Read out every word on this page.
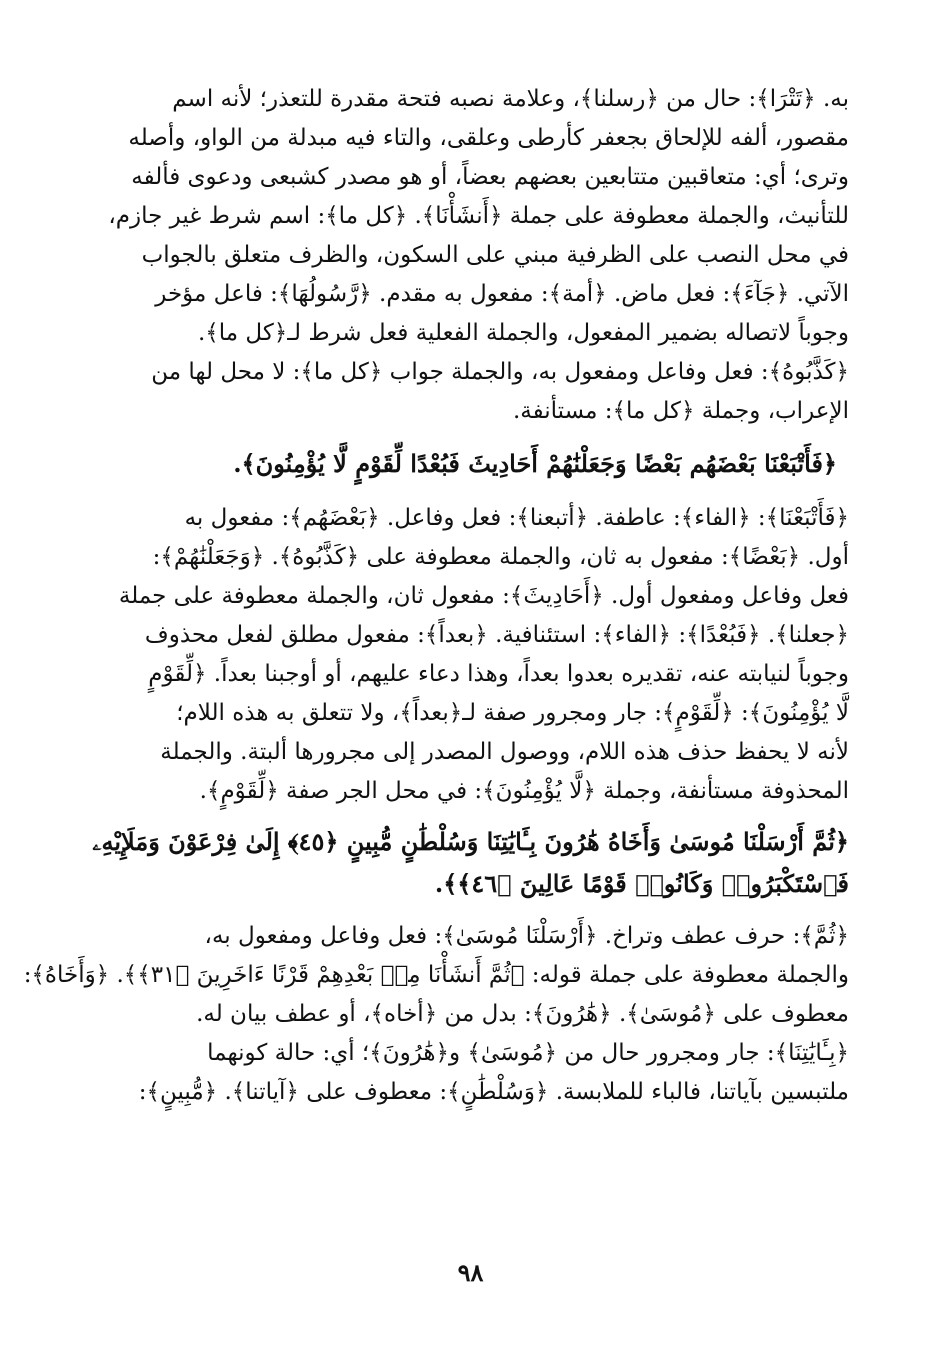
به. ﴿تَتْرَا﴾: حال من ﴿رسلنا﴾، وعلامة نصبه فتحة مقدرة للتعذر؛ لأنه اسم
مقصور، ألفه للإلحاق بجعفر كأرطى وعلقى، والتاء فيه مبدلة من الواو، وأصله
وترى؛ أي: متعاقبين متتابعين بعضهم بعضاً، أو هو مصدر كشبعى ودعوى فألفه
للتأنيث، والجملة معطوفة على جملة ﴿أَنشَأْنَا﴾. ﴿كل ما﴾: اسم شرط غير جازم،
في محل النصب على الظرفية مبني على السكون، والظرف متعلق بالجواب
الآتي. ﴿جَآءَ﴾: فعل ماض. ﴿أمة﴾: مفعول به مقدم. ﴿رَّسُولُهَا﴾: فاعل مؤخر
وجوباً لاتصاله بضمير المفعول، والجملة الفعلية فعل شرط لـ﴿كل ما﴾.
﴿كَذَّبُوهُ﴾: فعل وفاعل ومفعول به، والجملة جواب ﴿كل ما﴾: لا محل لها من
الإعراب، وجملة ﴿كل ما﴾: مستأنفة.
﴿فَأَتْبَعْنَا بَعْضَهُم بَعْضًا وَجَعَلْنَٰهُمْ أَحَادِيثَ فَبُعْدًا لِّقَوْمٍ لَّا يُؤْمِنُونَ﴾.
﴿فَأَتْبَعْنَا﴾: ﴿الفاء﴾: عاطفة. ﴿أتبعنا﴾: فعل وفاعل. ﴿بَعْضَهُم﴾: مفعول به
أول. ﴿بَعْضًا﴾: مفعول به ثان، والجملة معطوفة على ﴿كَذَّبُوهُ﴾. ﴿وَجَعَلْنَٰهُمْ﴾:
فعل وفاعل ومفعول أول. ﴿أَحَادِيثَ﴾: مفعول ثان، والجملة معطوفة على جملة
﴿جعلنا﴾. ﴿فَبُعْدًا﴾: ﴿الفاء﴾: استئنافية. ﴿بعداً﴾: مفعول مطلق لفعل محذوف
وجوباً لنيابته عنه، تقديره بعدوا بعداً، وهذا دعاء عليهم، أو أوجبنا بعداً. ﴿لِّقَوْمٍ
لَّا يُؤْمِنُونَ﴾: ﴿لِّقَوْمٍ﴾: جار ومجرور صفة لـ﴿بعداً﴾، ولا تتعلق به هذه اللام؛
لأنه لا يحفظ حذف هذه اللام، ووصول المصدر إلى مجرورها ألبتة. والجملة
المحذوفة مستأنفة، وجملة ﴿لَّا يُؤْمِنُونَ﴾: في محل الجر صفة ﴿لِّقَوْمٍ﴾.
﴿ثُمَّ أَرْسَلْنَا مُوسَىٰ وَأَخَاهُ هَٰرُونَ بِـَٔايَٰتِنَا وَسُلْطَٰنٍ مُّبِينٍ ﴿٤٥﴾ إِلَىٰ فِرْعَوْنَ وَمَلَإِيْهِۦ
فَٱسْتَكْبَرُوا۟ وَكَانُوا۟ قَوْمًا عَالِينَ ﴿٤٦﴾﴾.
﴿ثُمَّ﴾: حرف عطف وتراخ. ﴿أَرْسَلْنَا مُوسَىٰ﴾: فعل وفاعل ومفعول به،
والجملة معطوفة على جملة قوله: ﴿ثُمَّ أَنشَأْنَا مِنۢ بَعْدِهِمْ قَرْنًا ءَاخَرِينَ ﴿٣١﴾﴾. ﴿وَأَخَاهُ﴾:
معطوف على ﴿مُوسَىٰ﴾. ﴿هَٰرُونَ﴾: بدل من ﴿أخاه﴾، أو عطف بيان له.
﴿بِـَٔايَٰتِنَا﴾: جار ومجرور حال من ﴿مُوسَىٰ﴾ و﴿هَٰرُونَ﴾؛ أي: حالة كونهما
ملتبسين بآياتنا، فالباء للملابسة. ﴿وَسُلْطَٰنٍ﴾: معطوف على ﴿آياتنا﴾. ﴿مُّبِينٍ﴾:
٩٨
